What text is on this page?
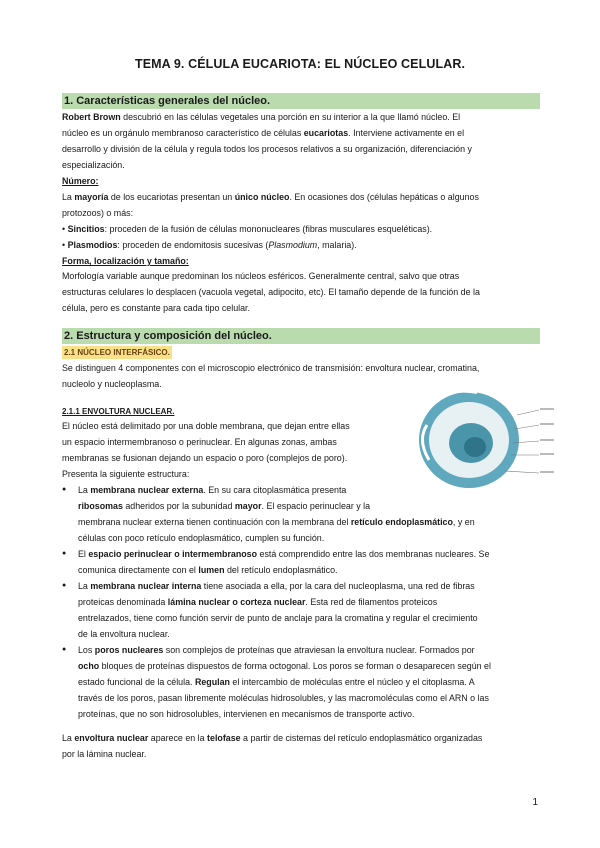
TEMA 9. CÉLULA EUCARIOTA: EL NÚCLEO CELULAR.
1. Características generales del núcleo.
Robert Brown descubrió en las células vegetales una porción en su interior a la que llamó núcleo. El
núcleo es un orgánulo membranoso característico de células eucariotas. Interviene activamente en el
desarrollo y división de la célula y regula todos los procesos relativos a su organización, diferenciación y
especialización.
Número:
La mayoría de los eucariotas presentan un único núcleo. En ocasiones dos (células hepáticas o algunos
protozoos) o más:
• Sincitios: proceden de la fusión de células mononucleares (fibras musculares esqueléticas).
• Plasmodios: proceden de endomitosis sucesivas (Plasmodium, malaria).
Forma, localización y tamaño:
Morfología variable aunque predominan los núcleos esféricos. Generalmente central, salvo que otras
estructuras celulares lo desplacen (vacuola vegetal, adipocito, etc). El tamaño depende de la función de la
célula, pero es constante para cada tipo celular.
2. Estructura y composición del núcleo.
2.1 NÚCLEO INTERFÁSICO.
Se distinguen 4 componentes con el microscopio electrónico de transmisión: envoltura nuclear, cromatina,
nucleolo y nucleoplasma.
2.1.1 ENVOLTURA NUCLEAR.
El núcleo está delimitado por una doble membrana, que dejan entre ellas
un espacio intermembranoso o perinuclear. En algunas zonas, ambas
membranas se fusionan dejando un espacio o poro (complejos de poro).
Presenta la siguiente estructura:
● La membrana nuclear externa. En su cara citoplasmática presenta
ribosomas adheridos por la subunidad mayor. El espacio perinuclear y la
membrana nuclear externa tienen continuación con la membrana del retículo endoplasmático, y en
células con poco retículo endoplasmático, cumplen su función.
● El espacio perinuclear o intermembranoso está comprendido entre las dos membranas nucleares. Se
comunica directamente con el lumen del retículo endoplasmático.
● La membrana nuclear interna tiene asociada a ella, por la cara del nucleoplasma, una red de fibras
proteicas denominada lámina nuclear o corteza nuclear. Esta red de filamentos proteicos
entrelazados, tiene como función servir de punto de anclaje para la cromatina y regular el crecimiento
de la envoltura nuclear.
● Los poros nucleares son complejos de proteínas que atraviesan la envoltura nuclear. Formados por
ocho bloques de proteínas dispuestos de forma octogonal. Los poros se forman o desaparecen según el
estado funcional de la célula. Regulan el intercambio de moléculas entre el núcleo y el citoplasma. A
través de los poros, pasan libremente moléculas hidrosolubles, y las macromoléculas como el ARN o las
proteínas, que no son hidrosolubles, intervienen en mecanismos de transporte activo.
La envoltura nuclear aparece en la telofase a partir de cisternas del retículo endoplasmático organizadas
por la lámina nuclear.
1
